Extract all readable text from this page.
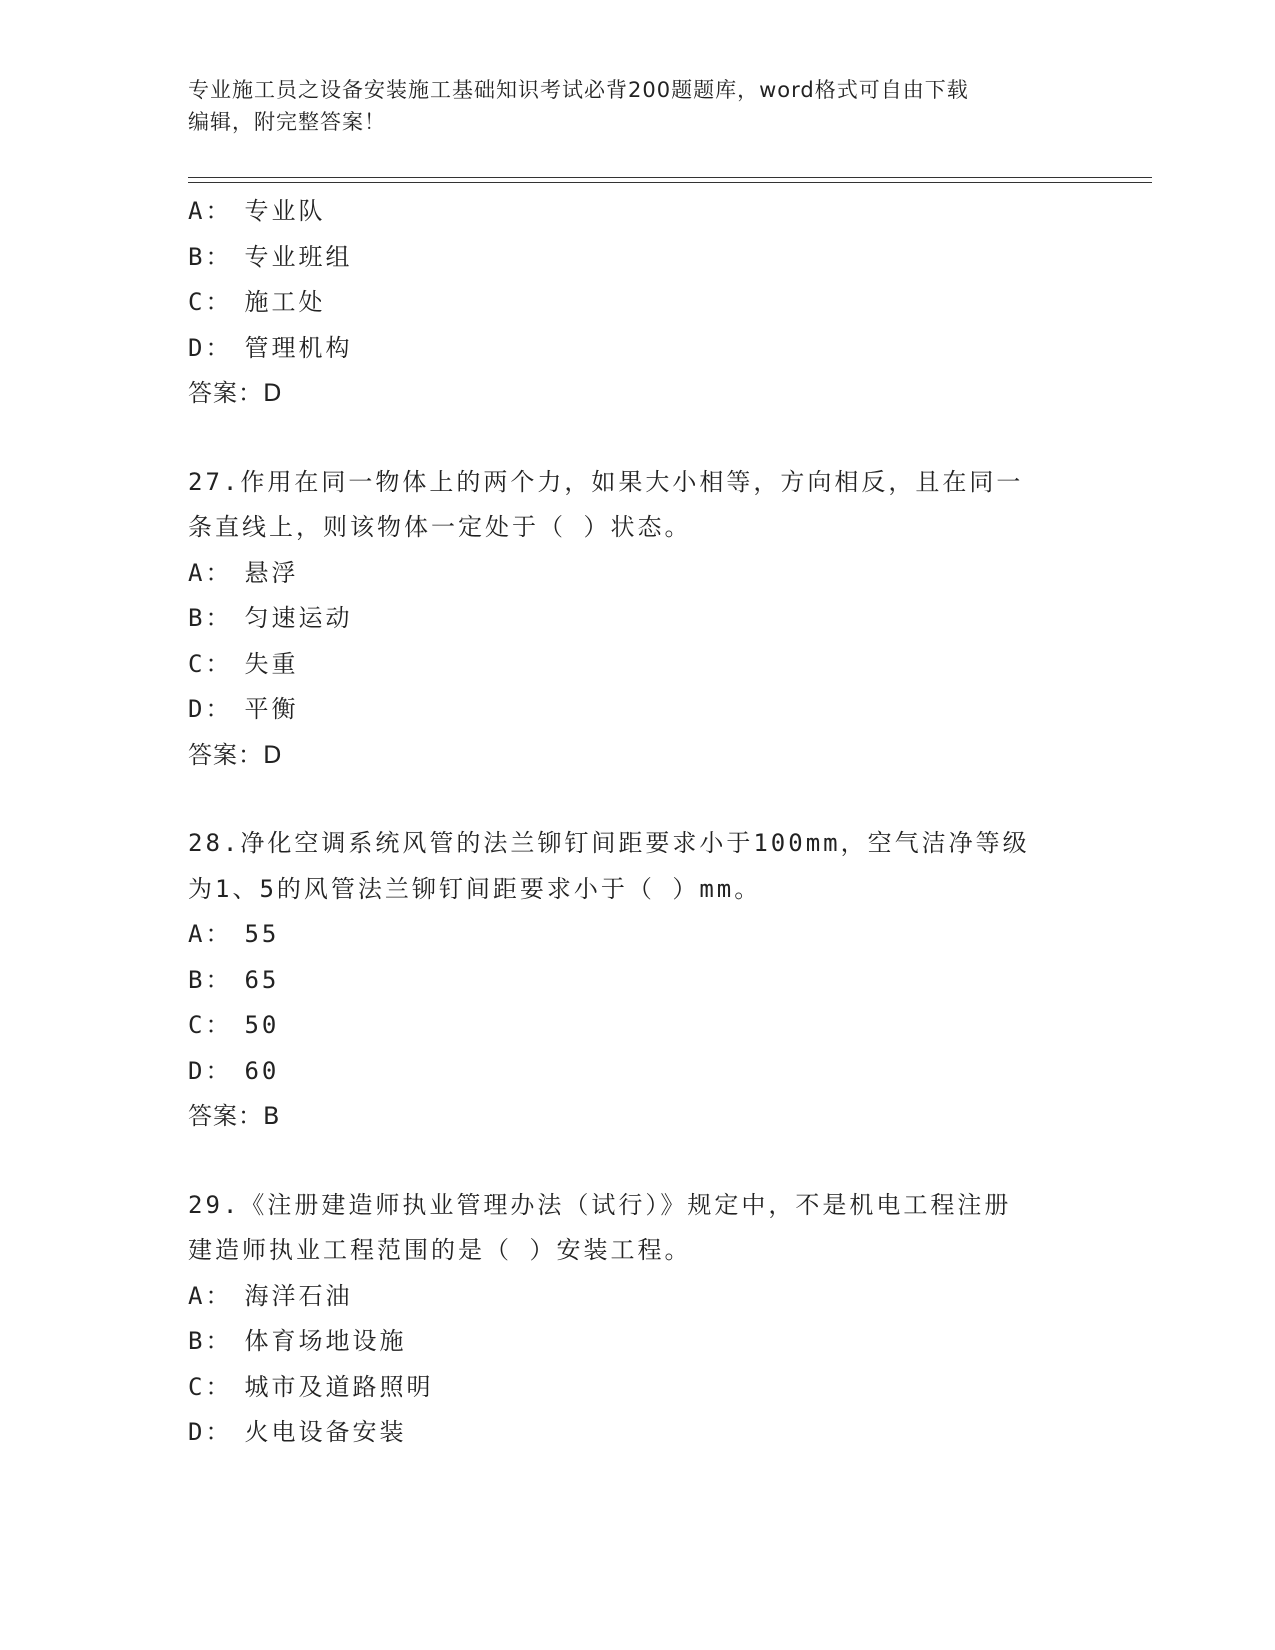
专业施工员之设备安装施工基础知识考试必背200题题库，word格式可自由下载
编辑，附完整答案！
A： 专业队
B： 专业班组
C： 施工处
D： 管理机构
答案：D
27.作用在同一物体上的两个力，如果大小相等，方向相反，且在同一
条直线上，则该物体一定处于（ ）状态。
A： 悬浮
B： 匀速运动
C： 失重
D： 平衡
答案：D
28.净化空调系统风管的法兰铆钉间距要求小于100mm，空气洁净等级
为1、5的风管法兰铆钉间距要求小于（ ）mm。
A： 55
B： 65
C： 50
D： 60
答案：B
29.《注册建造师执业管理办法（试行）》规定中，不是机电工程注册
建造师执业工程范围的是（ ）安装工程。
A： 海洋石油
B： 体育场地设施
C： 城市及道路照明
D： 火电设备安装
